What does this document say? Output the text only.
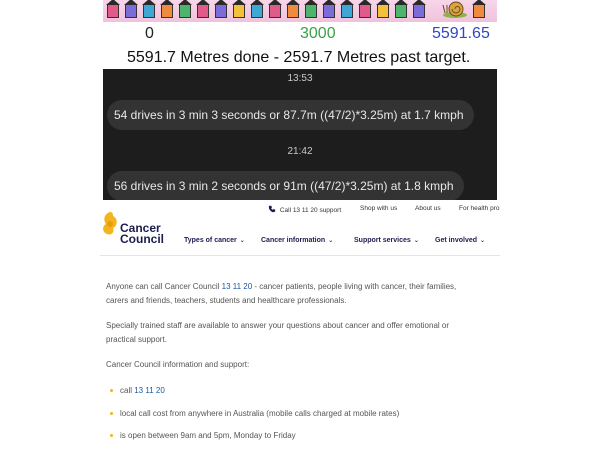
0	3000	5591.65
5591.7 Metres done - 2591.7 Metres past target.
13:53
54 drives in 3 min 3 seconds or 87.7m ((47/2)*3.25m) at 1.7 kmph
21:42
56 drives in 3 min 2 seconds or 91m ((47/2)*3.25m) at 1.8 kmph
Call 13 11 20 support	Shop with us	About us	For health pro
Cancer
Council	Types of cancer ⌄ Cancer information ⌄	Support services ⌄ Get involved ⌄

Anyone can call Cancer Council 13 11 20 - cancer patients, people living with cancer, their families,

carers and friends, teachers, students and healthcare professionals.

Specially trained staff are available to answer your questions about cancer and offer emotional or

practical support.

Cancer Council information and support:

call 13 11 20

local call cost from anywhere in Australia (mobile calls charged at mobile rates)

is open between 9am and 5pm, Monday to Friday
